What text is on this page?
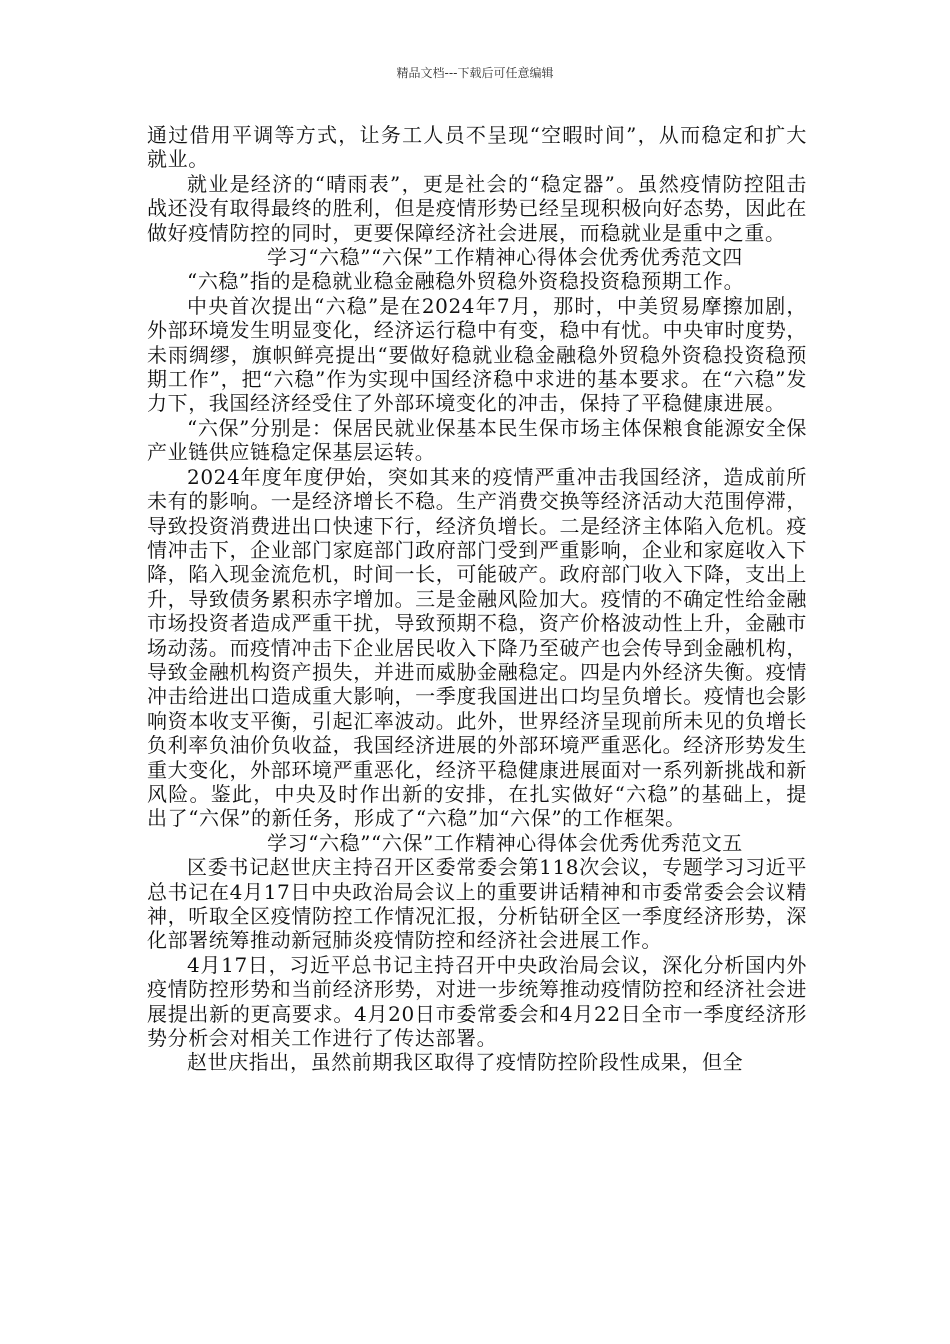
精品文档---下载后可任意编辑

通过借用平调等方式，让务工人员不呈现“空暇时间”，从而稳定和扩大就业。

就业是经济的“晴雨表”，更是社会的“稳定器”。虽然疫情防控阻击战还没有取得最终的胜利，但是疫情形势已经呈现积极向好态势，因此在做好疫情防控的同时，更要保障经济社会进展，而稳就业是重中之重。

学习“六稳”“六保”工作精神心得体会优秀优秀范文四

“六稳”指的是稳就业稳金融稳外贸稳外资稳投资稳预期工作。

中央首次提出“六稳”是在2024年7月，那时，中美贸易摩擦加剧，外部环境发生明显变化，经济运行稳中有变，稳中有忧。中央审时度势，未雨绸缪，旗帜鲜亮提出“要做好稳就业稳金融稳外贸稳外资稳投资稳预期工作”，把“六稳”作为实现中国经济稳中求进的基本要求。在“六稳”发力下，我国经济经受住了外部环境变化的冲击，保持了平稳健康进展。

“六保”分别是：保居民就业保基本民生保市场主体保粮食能源安全保产业链供应链稳定保基层运转。

2024年度年度伊始，突如其来的疫情严重冲击我国经济，造成前所未有的影响。一是经济增长不稳。生产消费交换等经济活动大范围停滞，导致投资消费进出口快速下行，经济负增长。二是经济主体陷入危机。疫情冲击下，企业部门家庭部门政府部门受到严重影响，企业和家庭收入下降，陷入现金流危机，时间一长，可能破产。政府部门收入下降，支出上升，导致债务累积赤字增加。三是金融风险加大。疫情的不确定性给金融市场投资者造成严重干扰，导致预期不稳，资产价格波动性上升，金融市场动荡。而疫情冲击下企业居民收入下降乃至破产也会传导到金融机构，导致金融机构资产损失，并进而威胁金融稳定。四是内外经济失衡。疫情冲击给进出口造成重大影响，一季度我国进出口均呈负增长。疫情也会影响资本收支平衡，引起汇率波动。此外，世界经济呈现前所未见的负增长负利率负油价负收益，我国经济进展的外部环境严重恶化。经济形势发生重大变化，外部环境严重恶化，经济平稳健康进展面对一系列新挑战和新风险。鉴此，中央及时作出新的安排，在扎实做好“六稳”的基础上，提出了“六保”的新任务，形成了“六稳”加“六保”的工作框架。

学习“六稳”“六保”工作精神心得体会优秀优秀范文五

区委书记赵世庆主持召开区委常委会第118次会议，专题学习习近平总书记在4月17日中央政治局会议上的重要讲话精神和市委常委会会议精神，听取全区疫情防控工作情况汇报，分析钻研全区一季度经济形势，深化部署统筹推动新冠肺炎疫情防控和经济社会进展工作。

4月17日，习近平总书记主持召开中央政治局会议，深化分析国内外疫情防控形势和当前经济形势，对进一步统筹推动疫情防控和经济社会进展提出新的更高要求。4月20日市委常委会和4月22日全市一季度经济形势分析会对相关工作进行了传达部署。

赵世庆指出，虽然前期我区取得了疫情防控阶段性成果，但全
